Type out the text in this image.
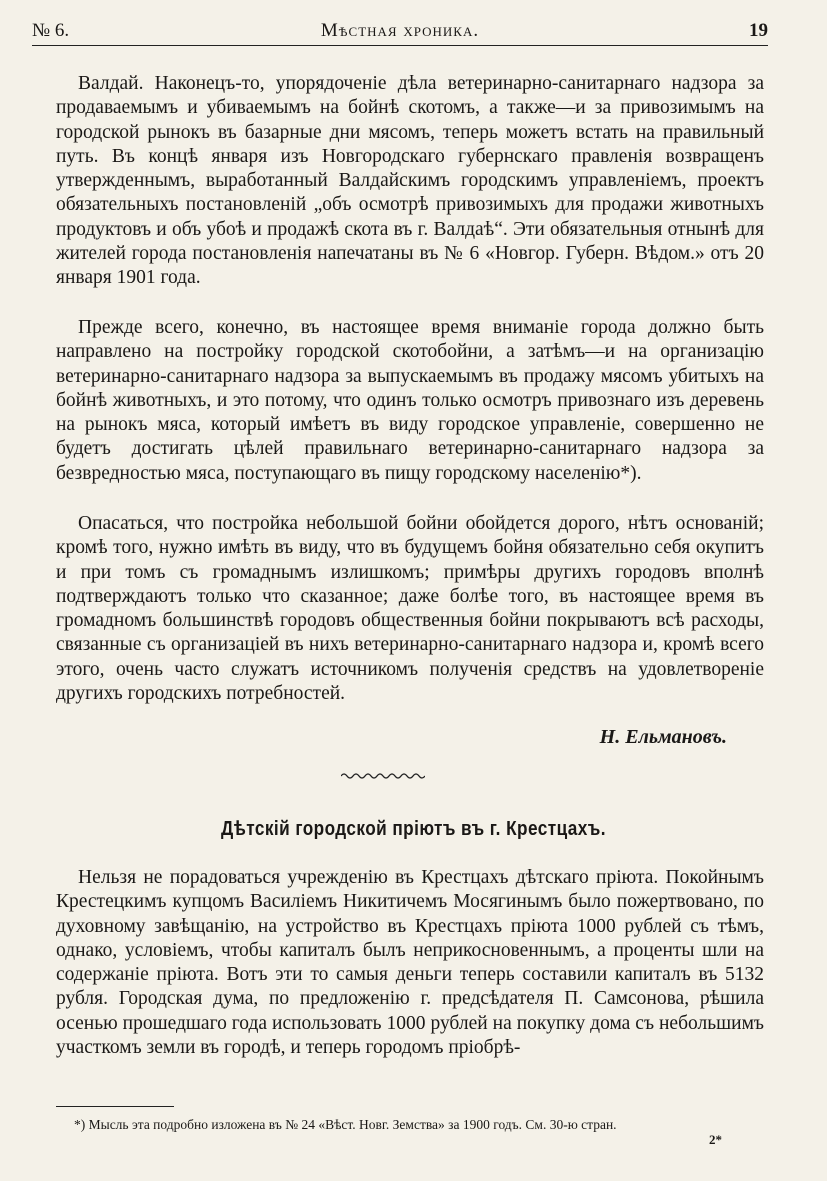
№ 6.	Мѣстная хроника.	19

Валдай. Наконецъ-то, упорядоченiе дѣла ветеринарно-санитарнаго надзора за продаваемымъ и убиваемымъ на бойнѣ скотомъ, а также—и за привозимымъ на городской рынокъ въ базарные дни мясомъ, теперь можетъ встать на правильный путь. Въ концѣ января изъ Новгородскаго губернскаго правленія возвращенъ утвержденнымъ, выработанный Валдайскимъ городскимъ управленіемъ, проектъ обязательныхъ постановленiй „объ осмотрѣ привозимыхъ для продажи животныхъ продуктовъ и объ убоѣ и продажѣ скота въ г. Валдаѣ“. Эти обязательныя отнынѣ для жителей города постановленія напечатаны въ № 6 «Новгор. Губерн. Вѣдом.» отъ 20 января 1901 года.

Прежде всего, конечно, въ настоящее время вниманiе города должно быть направлено на постройку городской скотобойни, а затѣмъ—и на организацію ветеринарно-санитарнаго надзора за выпускаемымъ въ продажу мясомъ убитыхъ на бойнѣ животныхъ, и это потому, что одинъ только осмотръ привознаго изъ деревень на рынокъ мяса, который имѣетъ въ виду городское управленіе, совершенно не будетъ достигать цѣлей правильнаго ветеринарно-санитарнаго надзора за безвредностью мяса, поступающаго въ пищу городскому населенію*).

Опасаться, что постройка небольшой бойни обойдется дорого, нѣтъ основаній; кромѣ того, нужно имѣть въ виду, что въ будущемъ бойня обязательно себя окупитъ и при томъ съ громаднымъ излишкомъ; примѣры другихъ городовъ вполнѣ подтверждаютъ только что сказанное; даже болѣе того, въ настоящее время въ громадномъ большинствѣ городовъ общественныя бойни покрываютъ всѣ расходы, связанные съ организацiей въ нихъ ветеринарно-санитарнаго надзора и, кромѣ всего этого, очень часто служатъ источникомъ полученія средствъ на удовлетворенiе другихъ городскихъ потребностей.

Н. Ельмановъ.
Дѣтскiй городской прiютъ въ г. Крестцахъ.

Нельзя не порадоваться учрежденiю въ Крестцахъ дѣтскаго прiюта. Покойнымъ Крестецкимъ купцомъ Василiемъ Никитичемъ Мосягинымъ было пожертвовано, по духовному завѣщанiю, на устройство въ Крестцахъ прiюта 1000 рублей съ тѣмъ, однако, условiемъ, чтобы капиталъ былъ неприкосновеннымъ, а проценты шли на содержанiе прiюта. Вотъ эти то самыя деньги теперь составили капиталъ въ 5132 рубля. Городская дума, по предложенiю г. предсѣдателя П. Самсонова, рѣшила осенью прошедшаго года использовать 1000 рублей на покупку дома съ небольшимъ участкомъ земли въ городѣ, и теперь городомъ прiобрѣ-

*) Мысль эта подробно изложена въ № 24 «Вѣст. Новг. Земства» за 1900 годъ. См. 30-ю стран.
2*
